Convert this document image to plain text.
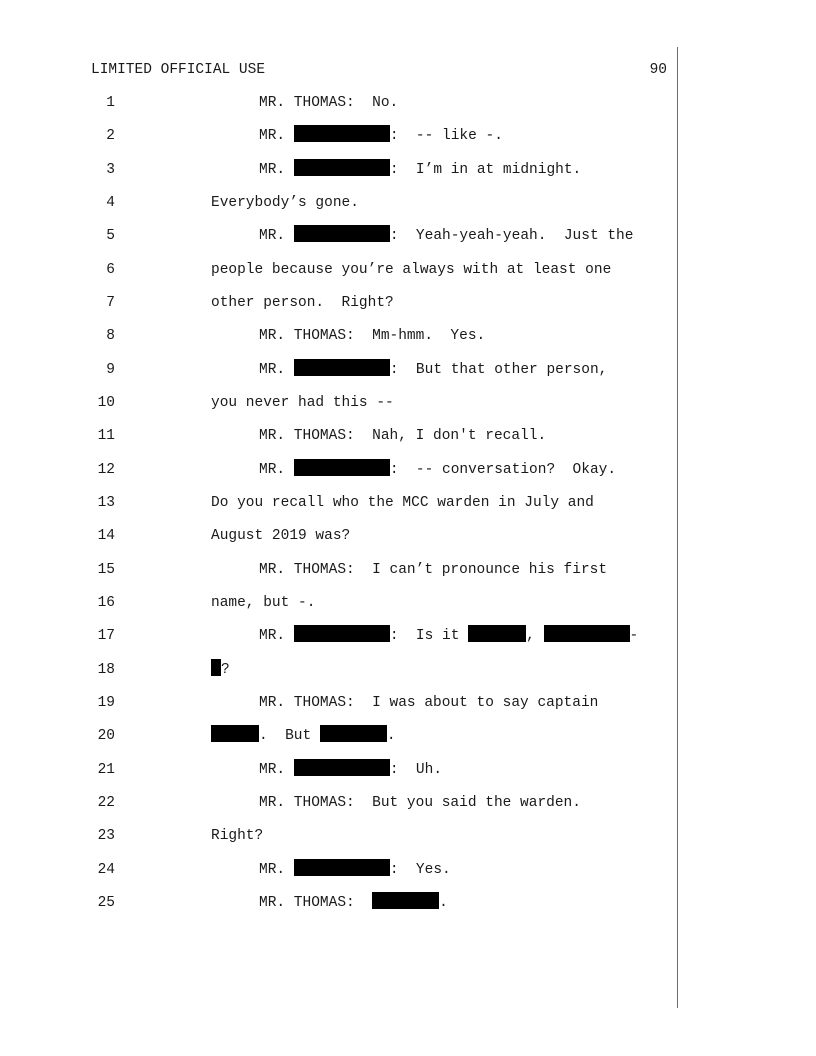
LIMITED OFFICIAL USE	90
1	MR. THOMAS:  No.
2	MR.	:  -- like -.
3	MR.	:  I’m in at midnight.
4	Everybody’s gone.
5	MR.	:  Yeah-yeah-yeah.  Just the
6	people because you’re always with at least one
7	other person.  Right?
8	MR. THOMAS:  Mm-hmm.  Yes.
9	MR.	:  But that other person,
10	you never had this --
11	MR. THOMAS:  Nah, I don't recall.
12	MR.	:  -- conversation?  Okay.
13	Do you recall who the MCC warden in July and
14	August 2019 was?
15	MR. THOMAS:  I can’t pronounce his first
16	name, but -.
17	MR.	:  Is it	,	-
18	?
19	MR. THOMAS:  I was about to say captain
20	.  But	.
21	MR.	:  Uh.
22	MR. THOMAS:  But you said the warden.
23	Right?
24	MR.	:  Yes.
25	MR. THOMAS:	.
